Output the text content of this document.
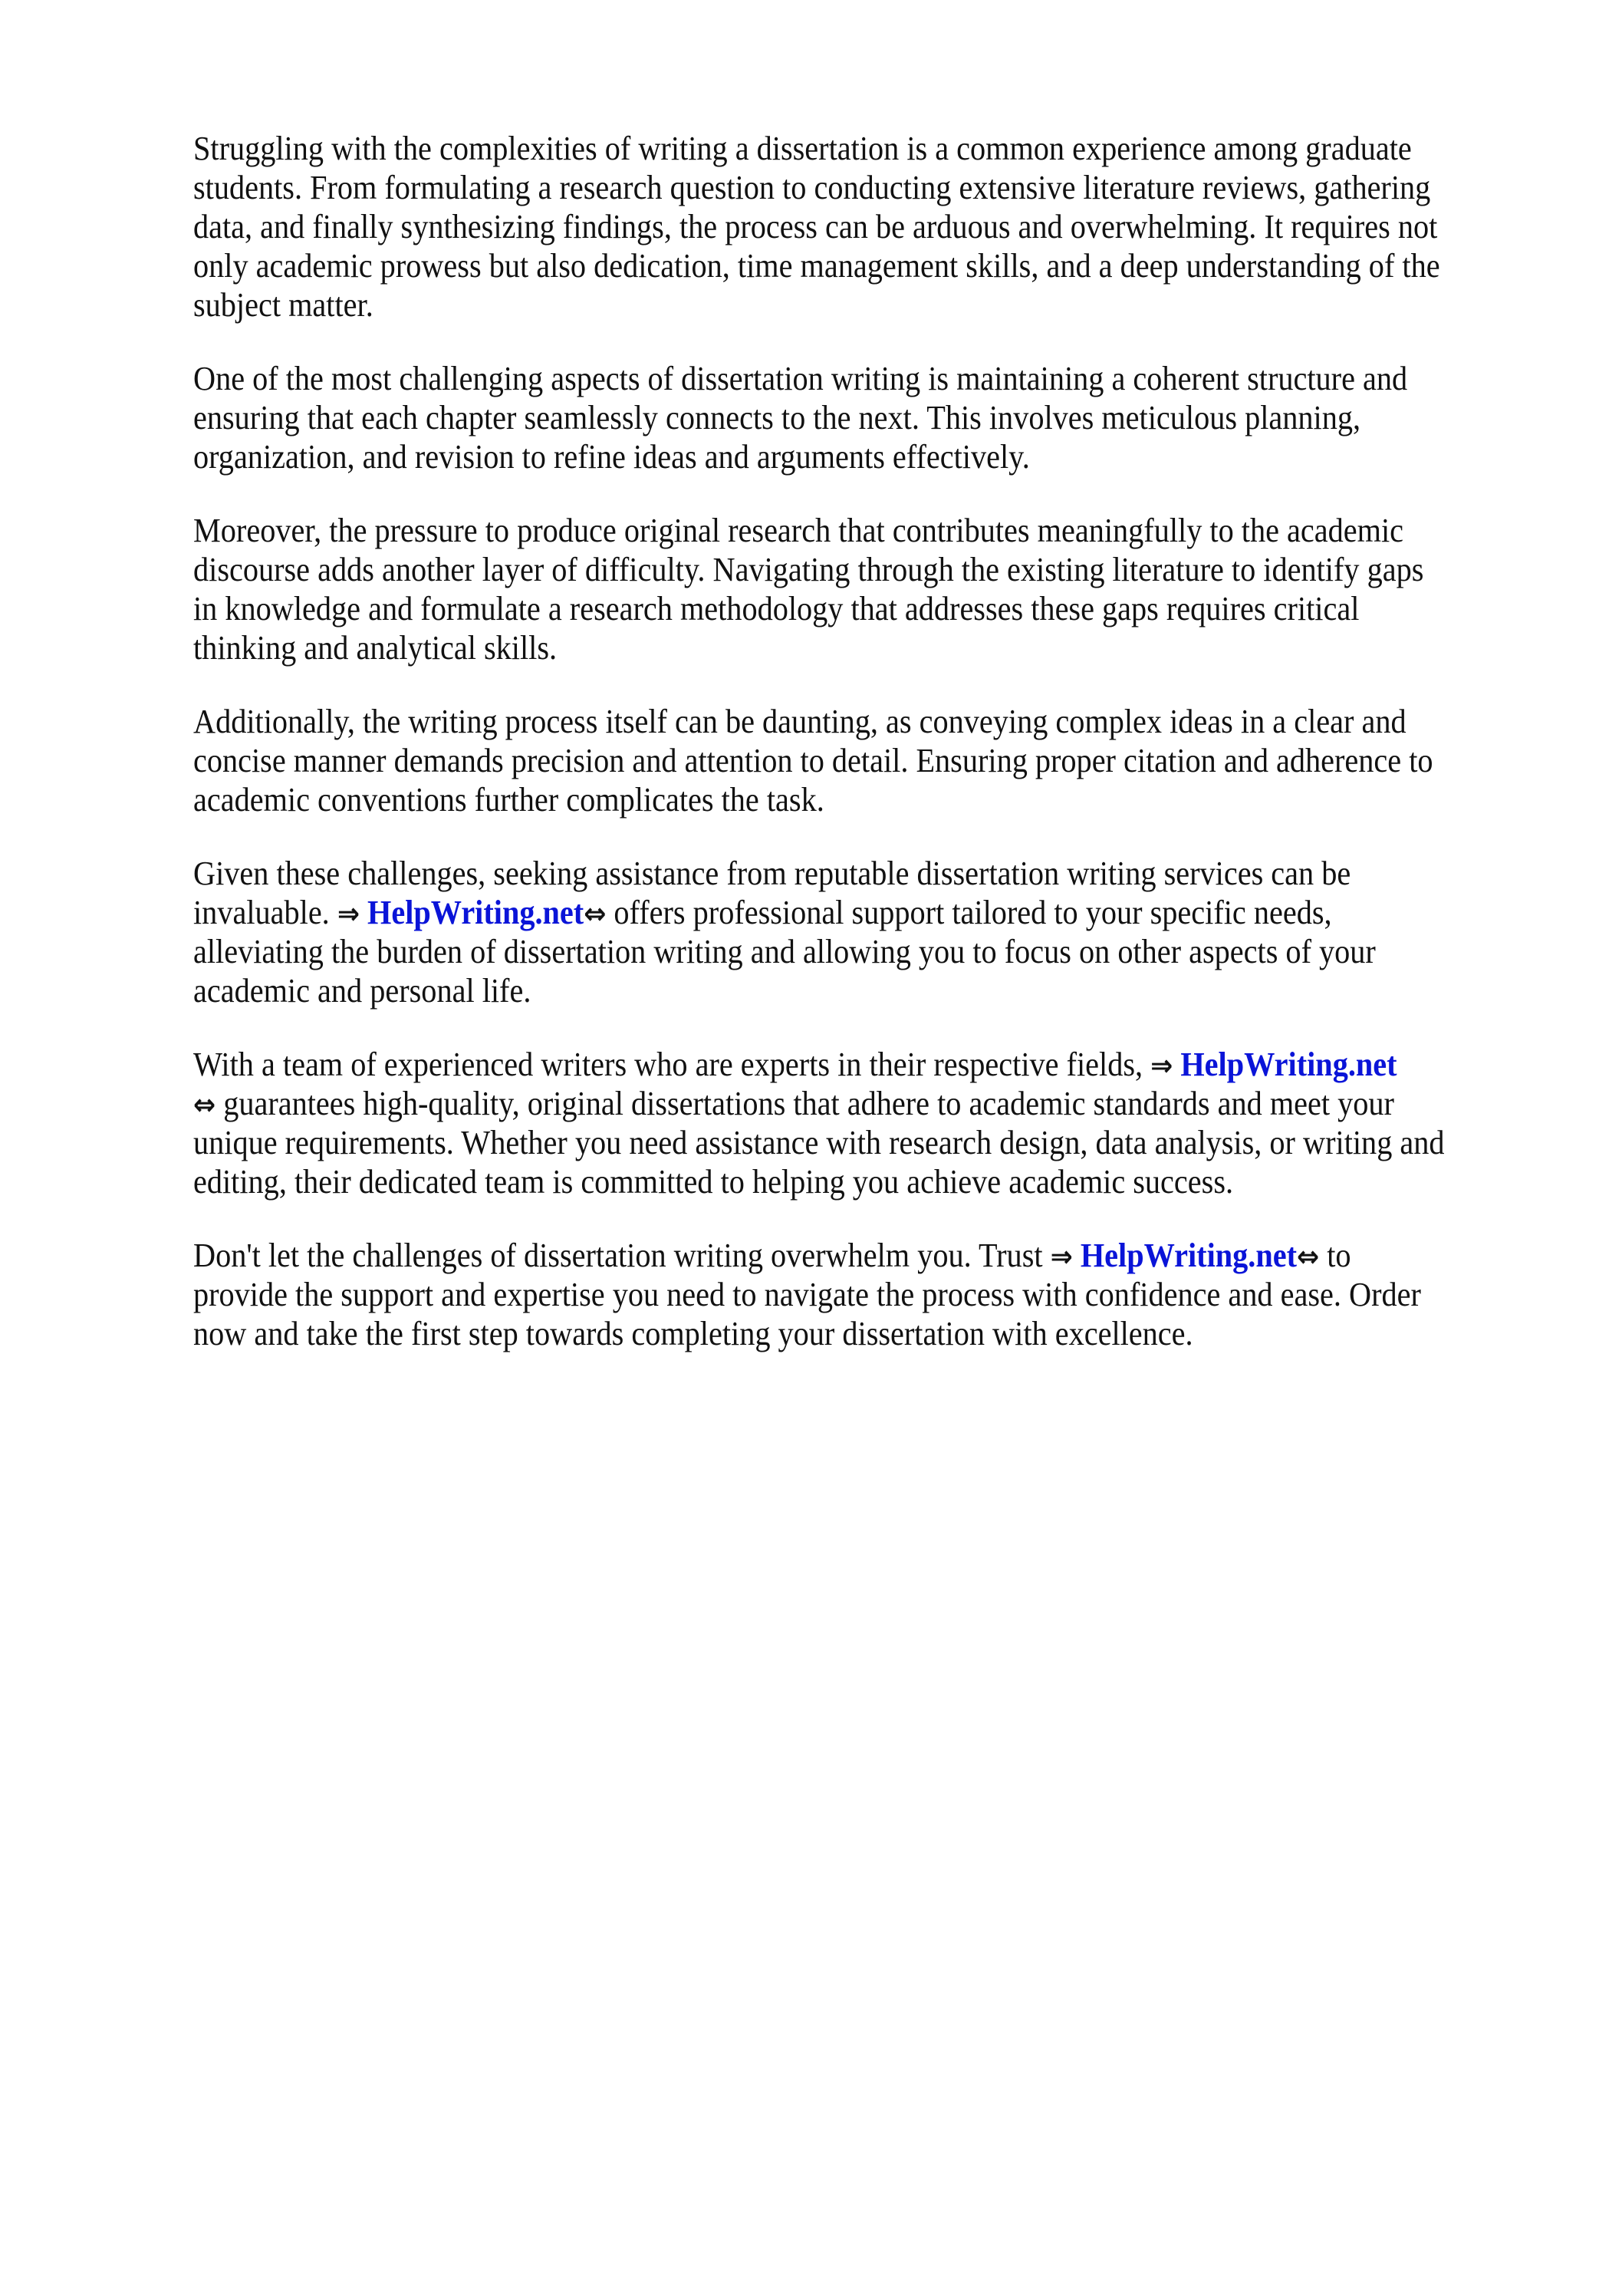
Struggling with the complexities of writing a dissertation is a common experience among graduate
students. From formulating a research question to conducting extensive literature reviews, gathering
data, and finally synthesizing findings, the process can be arduous and overwhelming. It requires not
only academic prowess but also dedication, time management skills, and a deep understanding of the
subject matter.

One of the most challenging aspects of dissertation writing is maintaining a coherent structure and
ensuring that each chapter seamlessly connects to the next. This involves meticulous planning,
organization, and revision to refine ideas and arguments effectively.

Moreover, the pressure to produce original research that contributes meaningfully to the academic
discourse adds another layer of difficulty. Navigating through the existing literature to identify gaps
in knowledge and formulate a research methodology that addresses these gaps requires critical
thinking and analytical skills.

Additionally, the writing process itself can be daunting, as conveying complex ideas in a clear and
concise manner demands precision and attention to detail. Ensuring proper citation and adherence to
academic conventions further complicates the task.

Given these challenges, seeking assistance from reputable dissertation writing services can be
invaluable. ⇒ HelpWriting.net⇔ offers professional support tailored to your specific needs,
alleviating the burden of dissertation writing and allowing you to focus on other aspects of your
academic and personal life.

With a team of experienced writers who are experts in their respective fields, ⇒ HelpWriting.net
⇔ guarantees high-quality, original dissertations that adhere to academic standards and meet your
unique requirements. Whether you need assistance with research design, data analysis, or writing and
editing, their dedicated team is committed to helping you achieve academic success.

Don't let the challenges of dissertation writing overwhelm you. Trust ⇒ HelpWriting.net⇔ to
provide the support and expertise you need to navigate the process with confidence and ease. Order
now and take the first step towards completing your dissertation with excellence.
